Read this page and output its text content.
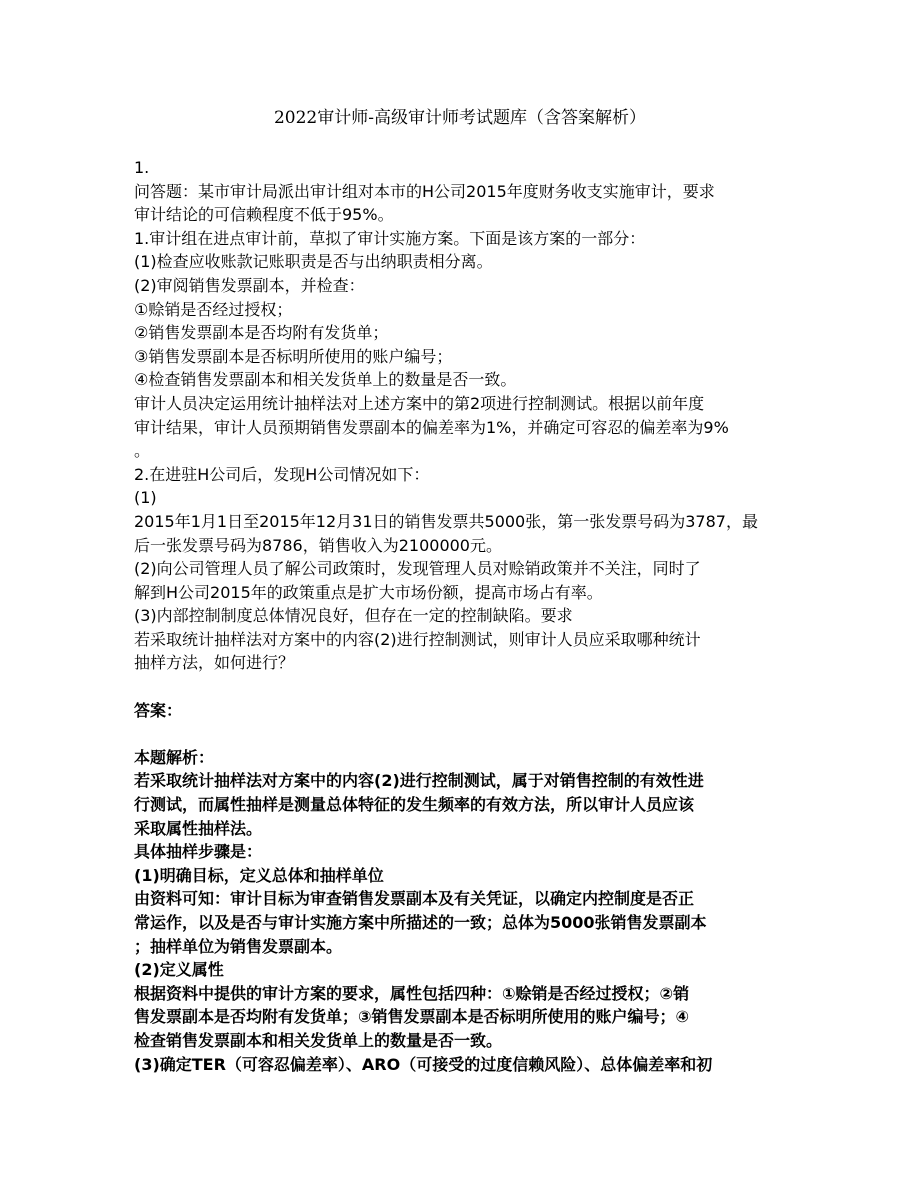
2022审计师-高级审计师考试题库（含答案解析）
1.
问答题：某市审计局派出审计组对本市的H公司2015年度财务收支实施审计，要求
审计结论的可信赖程度不低于95%。
1.审计组在进点审计前，草拟了审计实施方案。下面是该方案的一部分：
(1)检查应收账款记账职责是否与出纳职责相分离。
(2)审阅销售发票副本，并检查：
①赊销是否经过授权；
②销售发票副本是否均附有发货单；
③销售发票副本是否标明所使用的账户编号；
④检查销售发票副本和相关发货单上的数量是否一致。
审计人员决定运用统计抽样法对上述方案中的第2项进行控制测试。根据以前年度
审计结果，审计人员预期销售发票副本的偏差率为1%，并确定可容忍的偏差率为9%
。
2.在进驻H公司后，发现H公司情况如下：
(1)
2015年1月1日至2015年12月31日的销售发票共5000张，第一张发票号码为3787，最
后一张发票号码为8786，销售收入为2100000元。
(2)向公司管理人员了解公司政策时，发现管理人员对赊销政策并不关注，同时了
解到H公司2015年的政策重点是扩大市场份额，提高市场占有率。
(3)内部控制制度总体情况良好，但存在一定的控制缺陷。要求
若采取统计抽样法对方案中的内容(2)进行控制测试，则审计人员应采取哪种统计
抽样方法，如何进行？
答案：
本题解析：
若采取统计抽样法对方案中的内容(2)进行控制测试，属于对销售控制的有效性进
行测试，而属性抽样是测量总体特征的发生频率的有效方法，所以审计人员应该
采取属性抽样法。
具体抽样步骤是：
(1)明确目标，定义总体和抽样单位
由资料可知：审计目标为审查销售发票副本及有关凭证，以确定内控制度是否正
常运作，以及是否与审计实施方案中所描述的一致；总体为5000张销售发票副本
；抽样单位为销售发票副本。
(2)定义属性
根据资料中提供的审计方案的要求，属性包括四种：①赊销是否经过授权；②销
售发票副本是否均附有发货单；③销售发票副本是否标明所使用的账户编号；④
检查销售发票副本和相关发货单上的数量是否一致。
(3)确定TER（可容忍偏差率）、ARO（可接受的过度信赖风险）、总体偏差率和初
